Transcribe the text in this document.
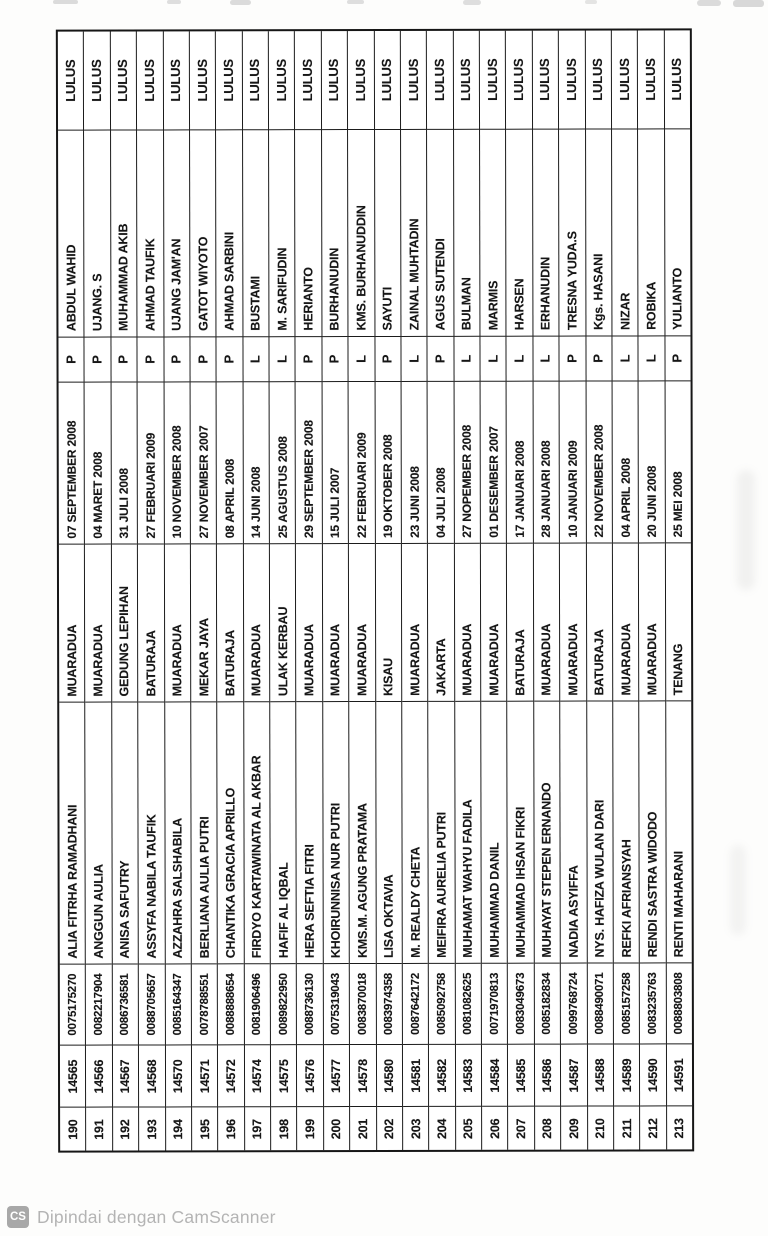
LULUS
ABDUL WAHID
P
07 SEPTEMBER 2008
MUARADUA
ALIA FITRHA RAMADHANI
0075175270
14565
190
LULUS
UJANG. S
P
04 MARET 2008
MUARADUA
ANGGUN AULIA
0082217904
14566
191
LULUS
MUHAMMAD AKIB
P
31 JULI 2008
GEDUNG LEPIHAN
ANISA SAFUTRY
0086736581
14567
192
LULUS
AHMAD TAUFIK
P
27 FEBRUARI 2009
BATURAJA
ASSYFA NABILA TAUFIK
0088705657
14568
193
LULUS
UJANG JAM'AN
P
10 NOVEMBER 2008
MUARADUA
AZZAHRA SALSHABILA
0085164347
14570
194
LULUS
GATOT WIYOTO
P
27 NOVEMBER 2007
MEKAR JAYA
BERLIANA AULIA PUTRI
0078788551
14571
195
LULUS
AHMAD SARBINI
P
08 APRIL 2008
BATURAJA
CHANTIKA GRACIA APRILLO
0088888654
14572
196
LULUS
BUSTAMI
L
14 JUNI 2008
MUARADUA
FIRDYO KARTAWINATA AL AKBAR
0081906496
14574
197
LULUS
M. SARIFUDIN
L
25 AGUSTUS 2008
ULAK KERBAU
HAFIF AL IQBAL
0089822950
14575
198
LULUS
HERIANTO
P
29 SEPTEMBER 2008
MUARADUA
HERA SEFTIA FITRI
0088736130
14576
199
LULUS
BURHANUDIN
P
15 JULI 2007
MUARADUA
KHOIRUNNISA NUR PUTRI
0075319043
14577
200
LULUS
KMS. BURHANUDDIN
L
22 FEBRUARI 2009
MUARADUA
KMS.M. AGUNG PRATAMA
0083870018
14578
201
LULUS
SAYUTI
P
19 OKTOBER 2008
KISAU
LISA OKTAVIA
0083974358
14580
202
LULUS
ZAINAL MUHTADIN
L
23 JUNI 2008
MUARADUA
M. REALDY CHETA
0087642172
14581
203
LULUS
AGUS SUTENDI
P
04 JULI 2008
JAKARTA
MEIFIRA AURELIA PUTRI
0085092758
14582
204
LULUS
BULMAN
L
27 NOPEMBER 2008
MUARADUA
MUHAMAT WAHYU FADILA
0081082625
14583
205
LULUS
MARMIS
L
01 DESEMBER 2007
MUARADUA
MUHAMMAD DANIL
0071970813
14584
206
LULUS
HARSEN
L
17 JANUARI 2008
BATURAJA
MUHAMMAD IHSAN FIKRI
0083049673
14585
207
LULUS
ERHANUDIN
L
28 JANUARI 2008
MUARADUA
MUHAYAT STEPEN ERNANDO
0085182834
14586
208
LULUS
TRESNA YUDA.S
P
10 JANUARI 2009
MUARADUA
NADIA ASYIFFA
0099768724
14587
209
LULUS
Kgs. HASANI
P
22 NOVEMBER 2008
BATURAJA
NYS. HAFIZA WULAN DARI
0088490071
14588
210
LULUS
NIZAR
L
04 APRIL 2008
MUARADUA
REFKI AFRIANSYAH
0085157258
14589
211
LULUS
ROBIKA
L
20 JUNI 2008
MUARADUA
RENDI SASTRA WIDODO
0083235763
14590
212
LULUS
YULIANTO
P
25 MEI 2008
TENANG
RENTI MAHARANI
0088803808
14591
213
CS Dipindai dengan CamScanner
